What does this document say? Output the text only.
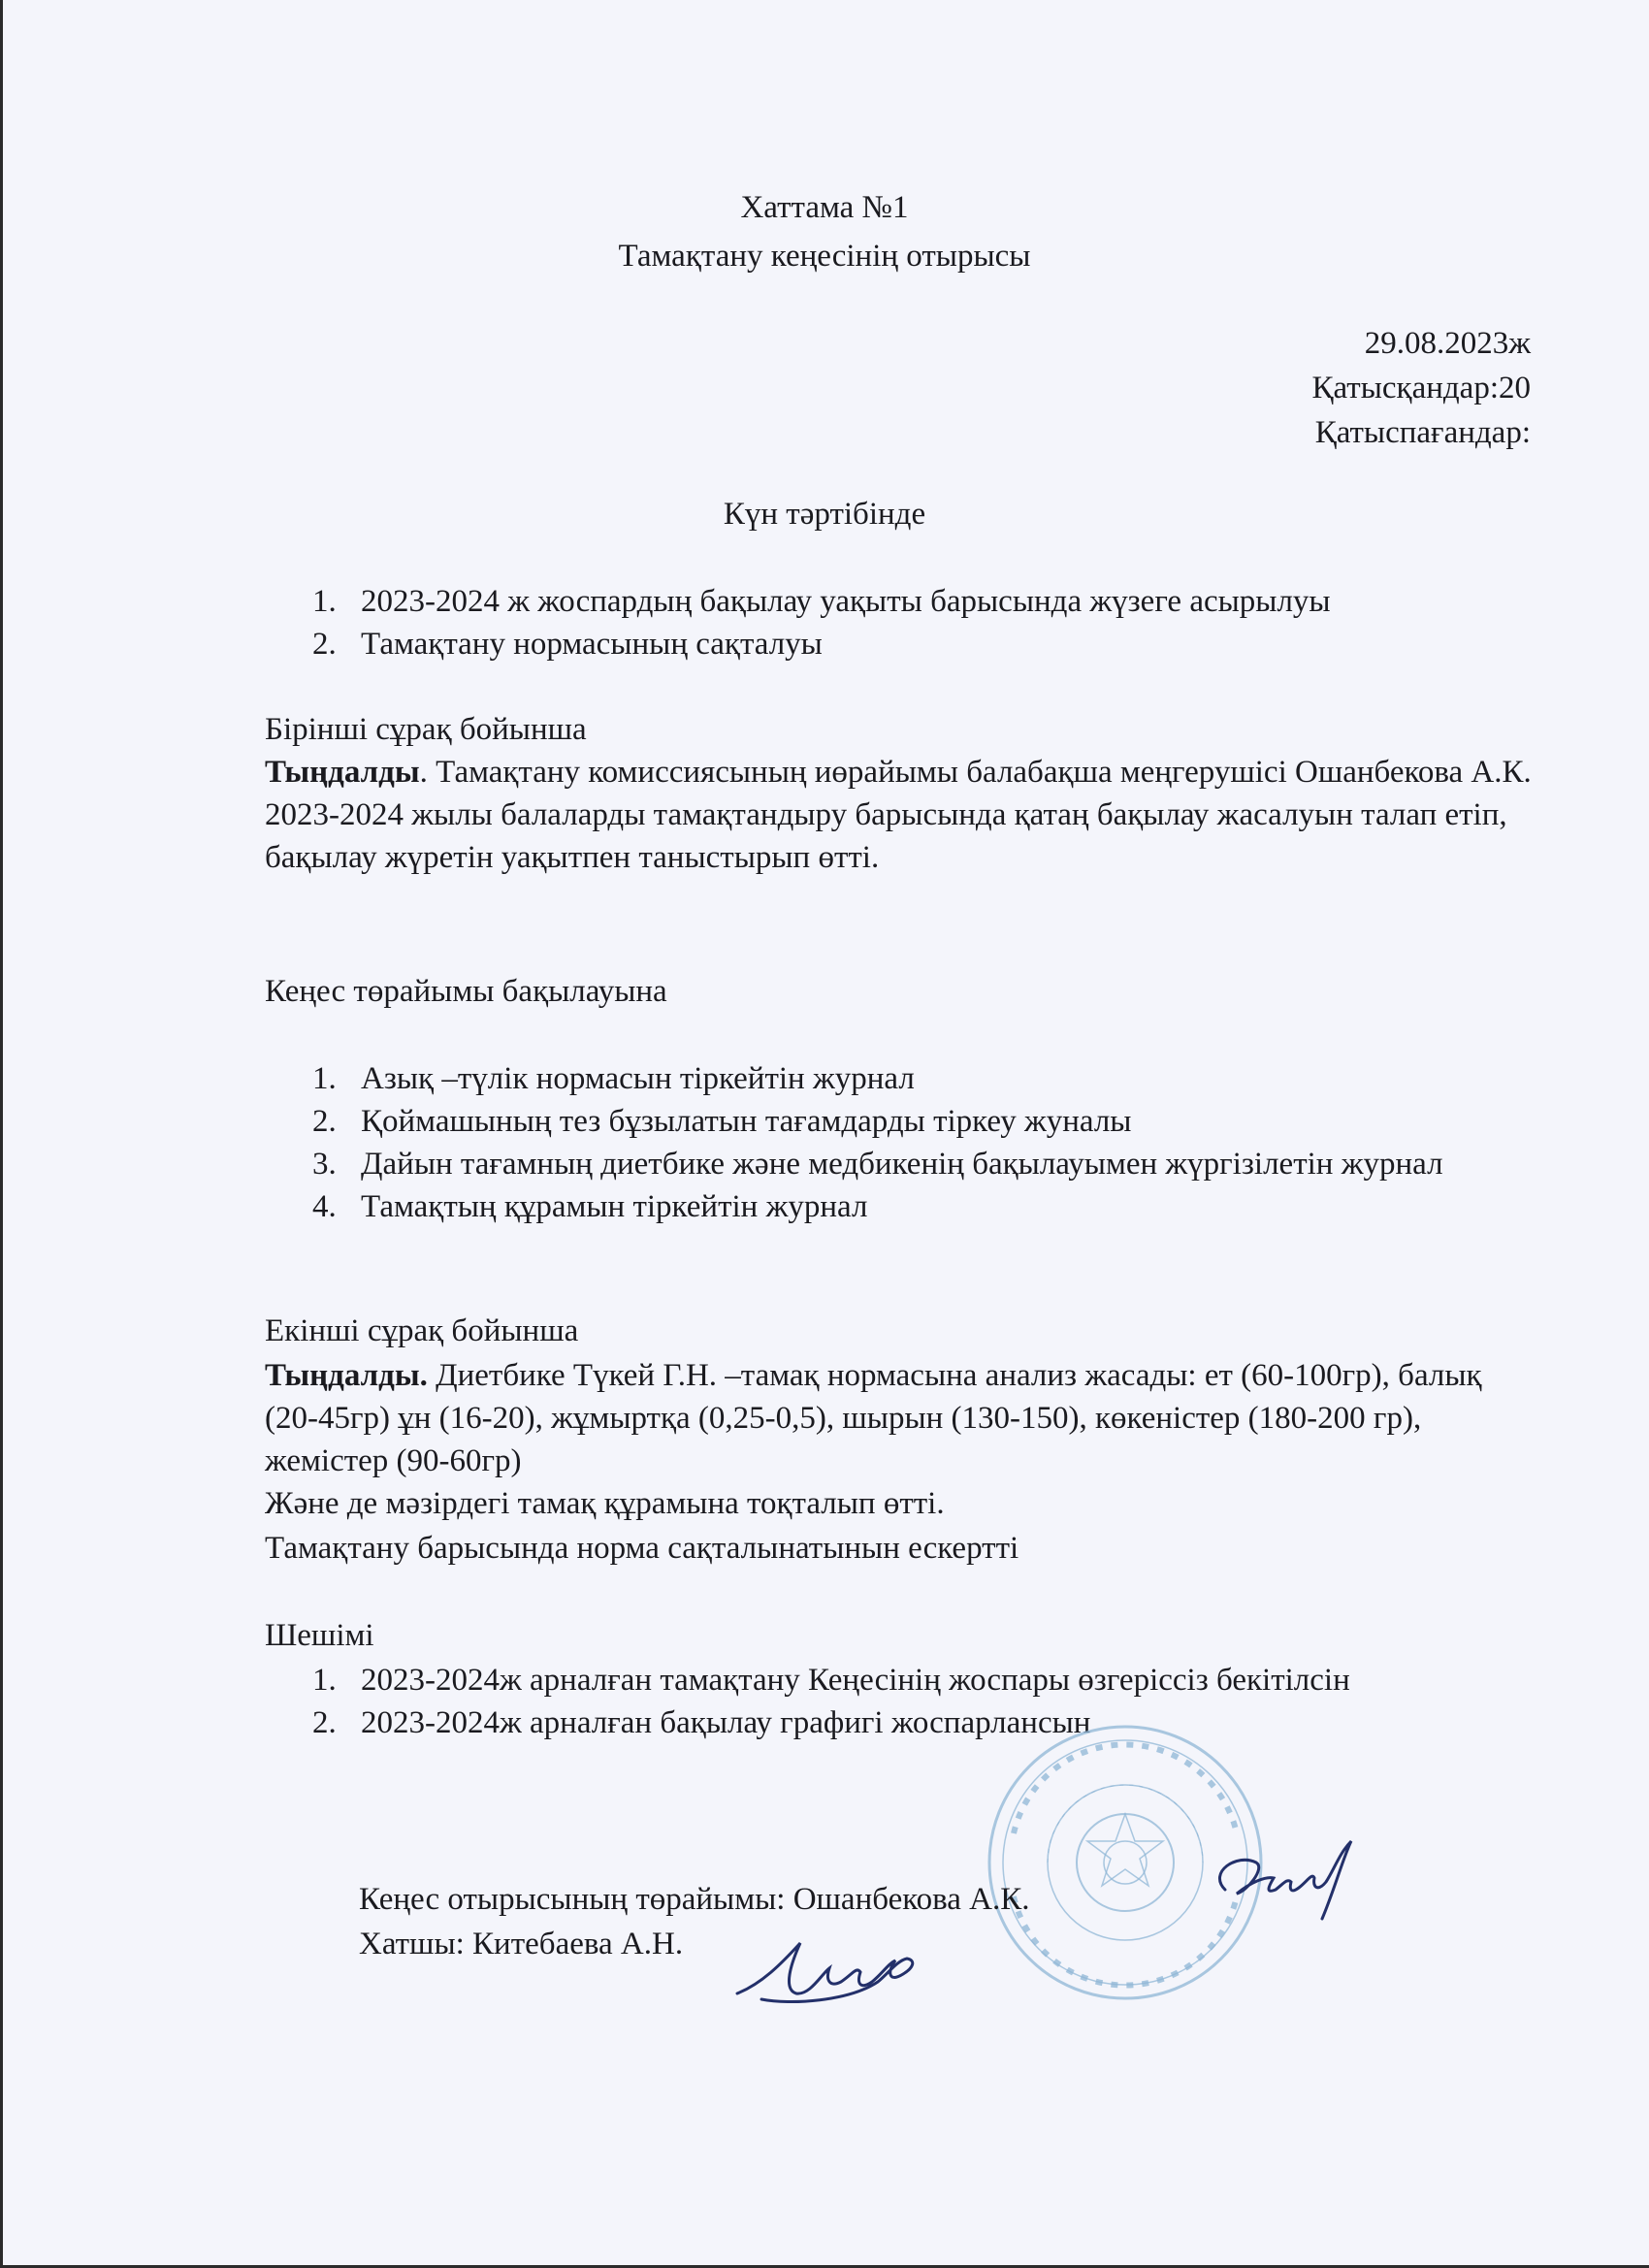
Хаттама №1
Тамақтану кеңесінің отырысы
29.08.2023ж
Қатысқандар:20
Қатыспағандар:
Күн тәртібінде
1. 2023-2024 ж жоспардың бақылау уақыты барысында жүзеге асырылуы
2. Тамақтану нормасының сақталуы
Бірінші сұрақ бойынша
Тыңдалды. Тамақтану комиссиясының иөрайымы балабақша меңгерушісі Ошанбекова А.К. 2023-2024 жылы балаларды тамақтандыру барысында қатаң бақылау жасалуын талап етіп, бақылау жүретін уақытпен таныстырып өтті.
Кеңес төрайымы бақылауына
1. Азық –түлік нормасын тіркейтін журнал
2. Қоймашының тез бұзылатын тағамдарды тіркеу жуналы
3. Дайын тағамның диетбике және медбикенің бақылауымен жүргізілетін журнал
4. Тамақтың құрамын тіркейтін журнал
Екінші сұрақ бойынша
Тыңдалды. Диетбике Түкей Г.Н. –тамақ нормасына анализ жасады: ет (60-100гр), балық (20-45гр) ұн (16-20), жұмыртқа (0,25-0,5), шырын (130-150), көкеністер (180-200 гр), жемістер (90-60гр)
Және де мәзірдегі тамақ құрамына тоқталып өтті.
Тамақтану барысында норма сақталынатынын ескертті
Шешімі
1. 2023-2024ж арналған тамақтану Кеңесінің жоспары өзгеріссіз бекітілсін
2. 2023-2024ж арналған бақылау графигі жоспарлансын
Кеңес отырысының төрайымы: Ошанбекова А.К.
Хатшы: Китебаева А.Н.
